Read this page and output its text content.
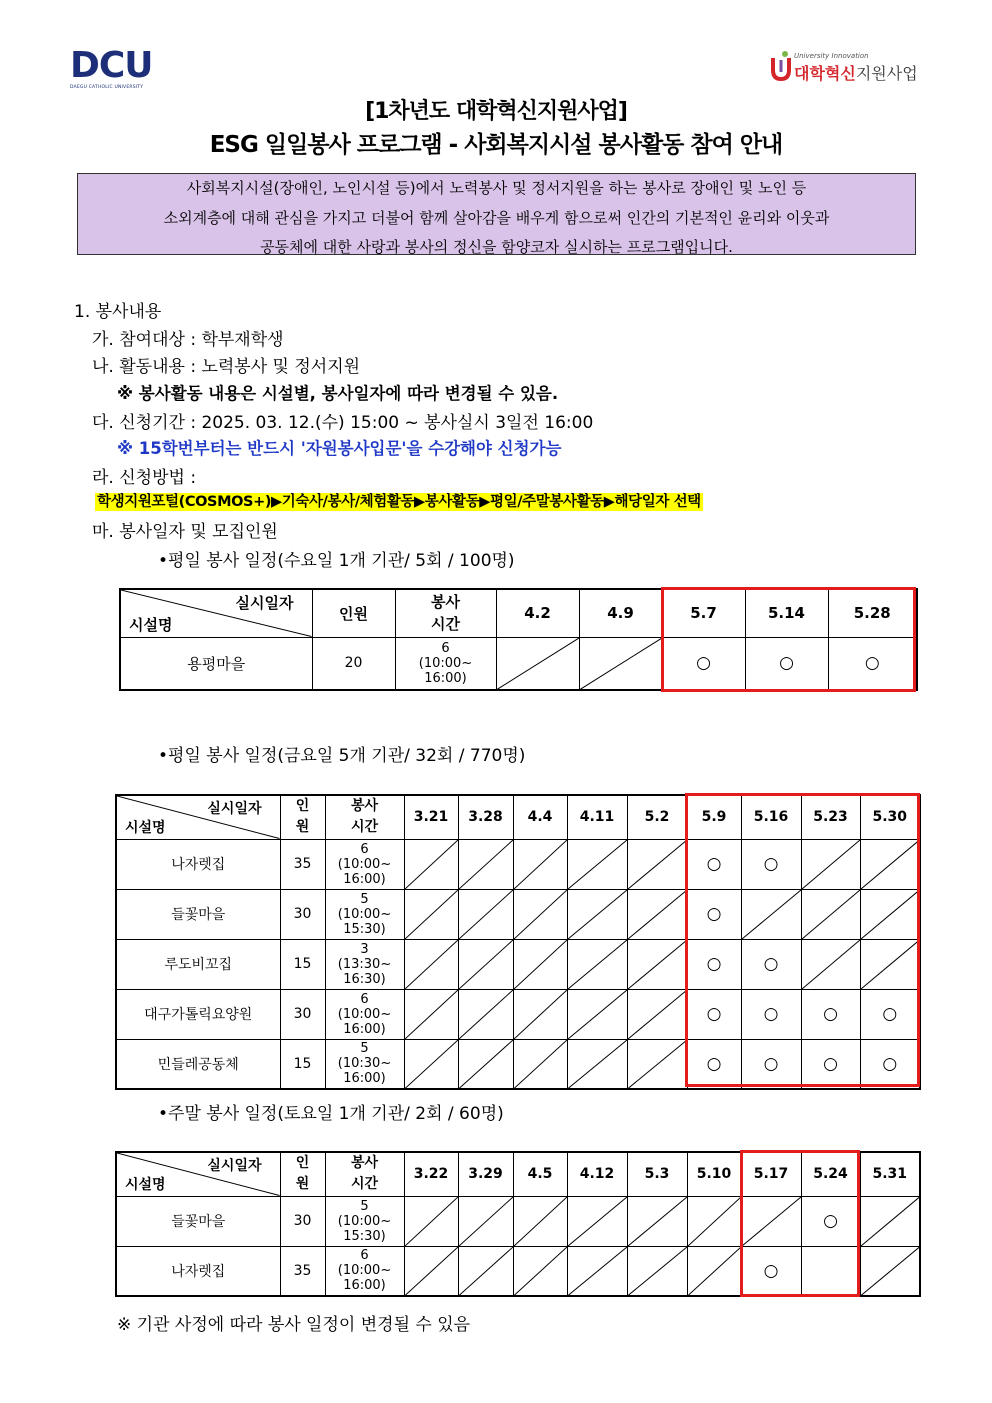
DCU
DAEGU CATHOLIC UNIVERSITY
University Innovation
대학혁신지원사업
[1차년도 대학혁신지원사업]
ESG 일일봉사 프로그램 - 사회복지시설 봉사활동 참여 안내
사회복지시설(장애인, 노인시설 등)에서 노력봉사 및 정서지원을 하는 봉사로 장애인 및 노인 등
소외계층에 대해 관심을 가지고 더불어 함께 살아감을 배우게 함으로써 인간의 기본적인 윤리와 이웃과
공동체에 대한 사랑과 봉사의 정신을 함양코자 실시하는 프로그램입니다.
1. 봉사내용
가. 참여대상 : 학부재학생
나. 활동내용 : 노력봉사 및 정서지원
※ 봉사활동 내용은 시설별, 봉사일자에 따라 변경될 수 있음.
다. 신청기간 : 2025. 03. 12.(수) 15:00 ~ 봉사실시 3일전 16:00
※ 15학번부터는 반드시 '자원봉사입문'을 수강해야 신청가능
라. 신청방법 :
학생지원포털(COSMOS+)▶기숙사/봉사/체험활동▶봉사활동▶평일/주말봉사활동▶해당일자 선택
마. 봉사일자 및 모집인원
•평일 봉사 일정(수요일 1개 기관/ 5회 / 100명)
실시일자
시설명	인원	봉사
시간	4.2	4.9	5.7	5.14	5.28
용평마을	20	6
(10:00~
16:00)			○	○	○
•평일 봉사 일정(금요일 5개 기관/ 32회 / 770명)
실시일자
시설명	인
원	봉사
시간	3.21	3.28	4.4	4.11	5.2	5.9	5.16	5.23	5.30
나자렛집	35	6
(10:00~
16:00)						○	○	

들꽃마을	30	5
(10:00~
15:30)						○	

루도비꼬집	15	3
(13:30~
16:30)						○	○	

대구가톨릭요양원	30	6
(10:00~
16:00)						○	○	○	○
민들레공동체	15	5
(10:30~
16:00)						○	○	○	○
•주말 봉사 일정(토요일 1개 기관/ 2회 / 60명)
실시일자
시설명	인
원	봉사
시간	3.22	3.29	4.5	4.12	5.3	5.10	5.17	5.24	5.31
들꽃마을	30	5
(10:00~
15:30)								○	

나자렛집	35	6
(10:00~
16:00)							○		
※ 기관 사정에 따라 봉사 일정이 변경될 수 있음
